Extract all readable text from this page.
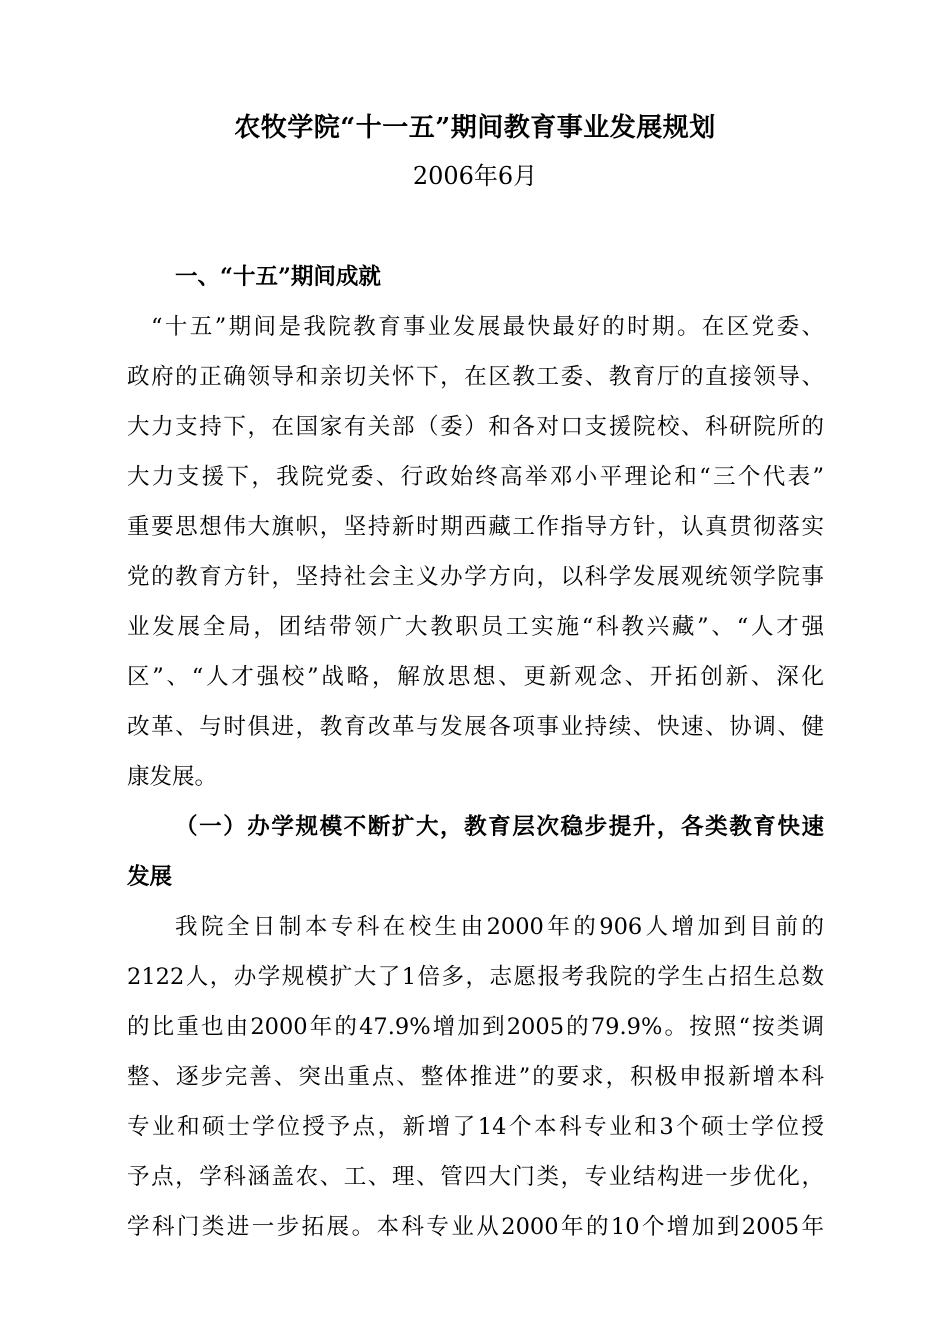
农牧学院“十一五”期间教育事业发展规划
2006年6月
一、“十五”期间成就
“十五”期间是我院教育事业发展最快最好的时期。在区党委、
政府的正确领导和亲切关怀下，在区教工委、教育厅的直接领导、
大力支持下，在国家有关部（委）和各对口支援院校、科研院所的
大力支援下，我院党委、行政始终高举邓小平理论和“三个代表”
重要思想伟大旗帜，坚持新时期西藏工作指导方针，认真贯彻落实
党的教育方针，坚持社会主义办学方向，以科学发展观统领学院事
业发展全局，团结带领广大教职员工实施“科教兴藏”、“人才强
区”、“人才强校”战略，解放思想、更新观念、开拓创新、深化
改革、与时俱进，教育改革与发展各项事业持续、快速、协调、健
康发展。
（一）办学规模不断扩大，教育层次稳步提升，各类教育快速
发展
我院全日制本专科在校生由2000年的906人增加到目前的
2122人，办学规模扩大了1倍多，志愿报考我院的学生占招生总数
的比重也由2000年的47.9%增加到2005的79.9%。按照“按类调
整、逐步完善、突出重点、整体推进”的要求，积极申报新增本科
专业和硕士学位授予点，新增了14个本科专业和3个硕士学位授
予点，学科涵盖农、工、理、管四大门类，专业结构进一步优化，
学科门类进一步拓展。本科专业从2000年的10个增加到2005年
